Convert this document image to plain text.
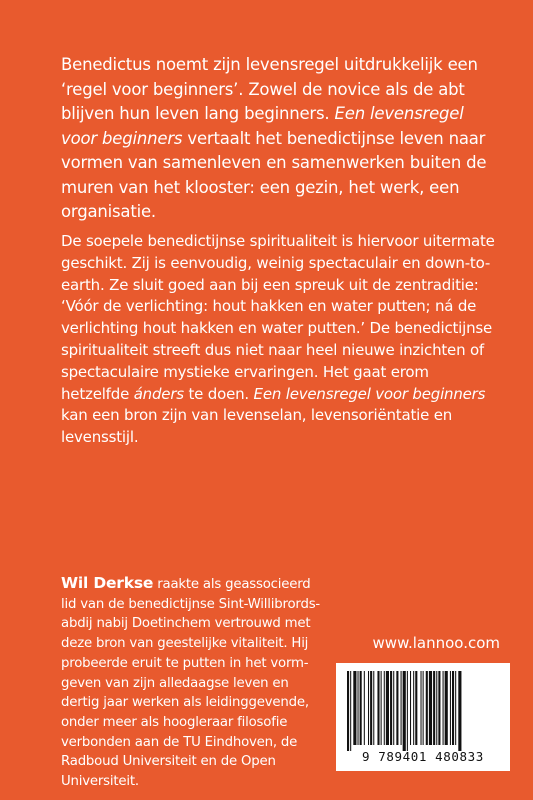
Benedictus noemt zijn levensregel uitdrukkelijk een ‘regel voor beginners’. Zowel de novice als de abt blijven hun leven lang beginners. Een levensregel voor beginners vertaalt het benedictijnse leven naar vormen van samenleven en samenwerken buiten de muren van het klooster: een gezin, het werk, een organisatie.

De soepele benedictijnse spiritualiteit is hiervoor uitermate geschikt. Zij is eenvoudig, weinig spectaculair en down-to-earth. Ze sluit goed aan bij een spreuk uit de zentraditie: ‘Vóór de verlichting: hout hakken en water putten; ná de verlichting hout hakken en water putten.’ De benedictijnse spiritualiteit streeft dus niet naar heel nieuwe inzichten of spectaculaire mystieke ervaringen. Het gaat erom hetzelfde ánders te doen. Een levensregel voor beginners kan een bron zijn van levenselan, levensoriëntatie en levensstijl.

Wil Derkse raakte als geassocieerd lid van de benedictijnse Sint-Willibrords-abdij nabij Doetinchem vertrouwd met deze bron van geestelijke vitaliteit. Hij probeerde eruit te putten in het vorm-geven van zijn alledaagse leven en dertig jaar werken als leidinggevende, onder meer als hoogleraar filosofie verbonden aan de TU Eindhoven, de Radboud Universiteit en de Open Universiteit.

www.lannoo.com
9 789401 480833
